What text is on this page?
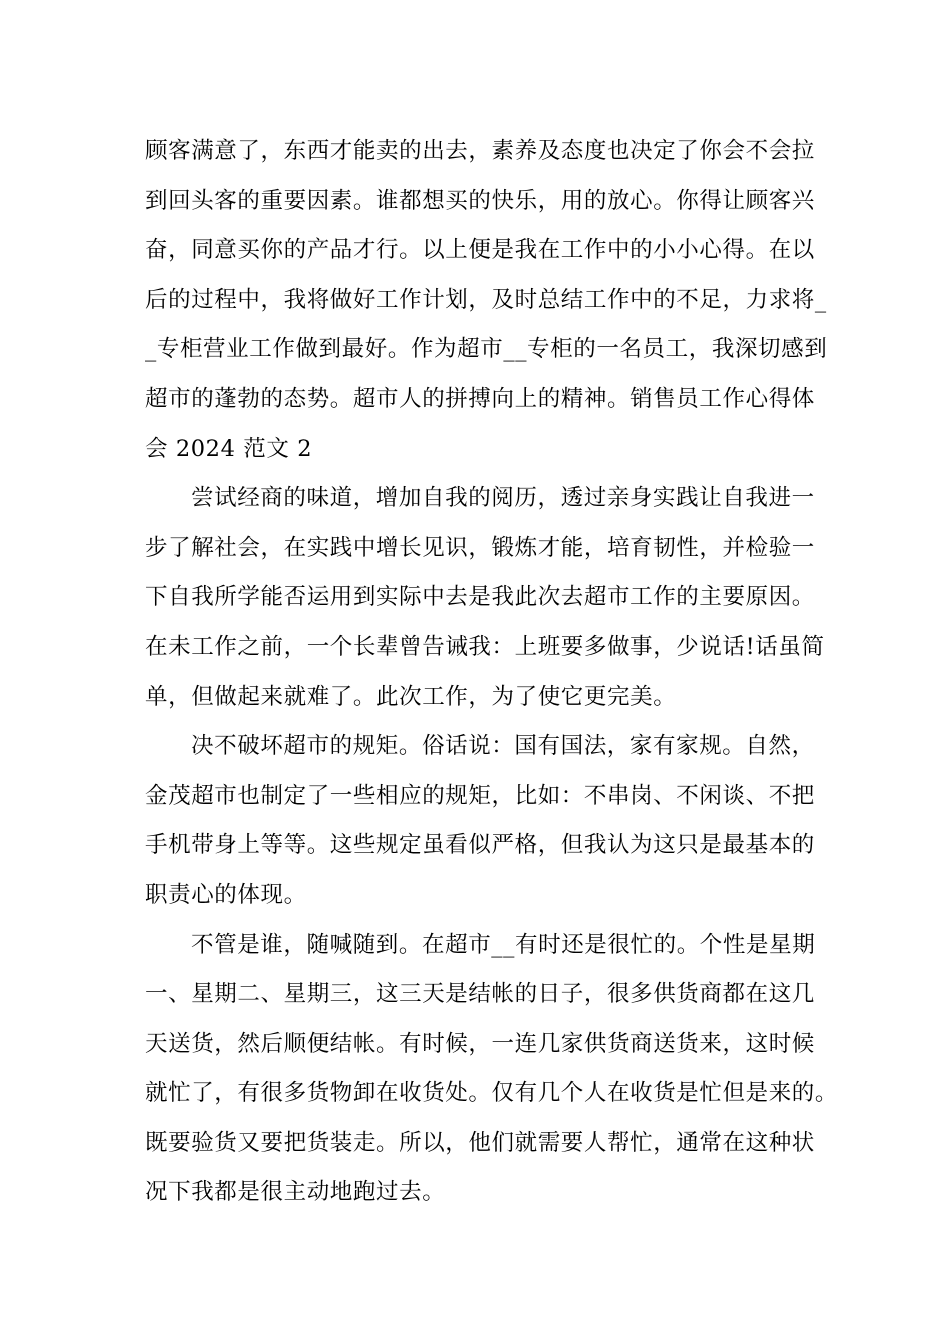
顾客满意了，东西才能卖的出去，素养及态度也决定了你会不会拉
到回头客的重要因素。谁都想买的快乐，用的放心。你得让顾客兴
奋，同意买你的产品才行。以上便是我在工作中的小小心得。在以
后的过程中，我将做好工作计划，及时总结工作中的不足，力求将_
_专柜营业工作做到最好。作为超市__专柜的一名员工，我深切感到
超市的蓬勃的态势。超市人的拼搏向上的精神。销售员工作心得体
会 2024 范文 2
尝试经商的味道，增加自我的阅历，透过亲身实践让自我进一
步了解社会，在实践中增长见识，锻炼才能，培育韧性，并检验一
下自我所学能否运用到实际中去是我此次去超市工作的主要原因。
在未工作之前，一个长辈曾告诫我：上班要多做事，少说话!话虽简
单，但做起来就难了。此次工作，为了使它更完美。
决不破坏超市的规矩。俗话说：国有国法，家有家规。自然，
金茂超市也制定了一些相应的规矩，比如：不串岗、不闲谈、不把
手机带身上等等。这些规定虽看似严格，但我认为这只是最基本的
职责心的体现。
不管是谁，随喊随到。在超市__有时还是很忙的。个性是星期
一、星期二、星期三，这三天是结帐的日子，很多供货商都在这几
天送货，然后顺便结帐。有时候，一连几家供货商送货来，这时候
就忙了，有很多货物卸在收货处。仅有几个人在收货是忙但是来的。
既要验货又要把货装走。所以，他们就需要人帮忙，通常在这种状
况下我都是很主动地跑过去。
